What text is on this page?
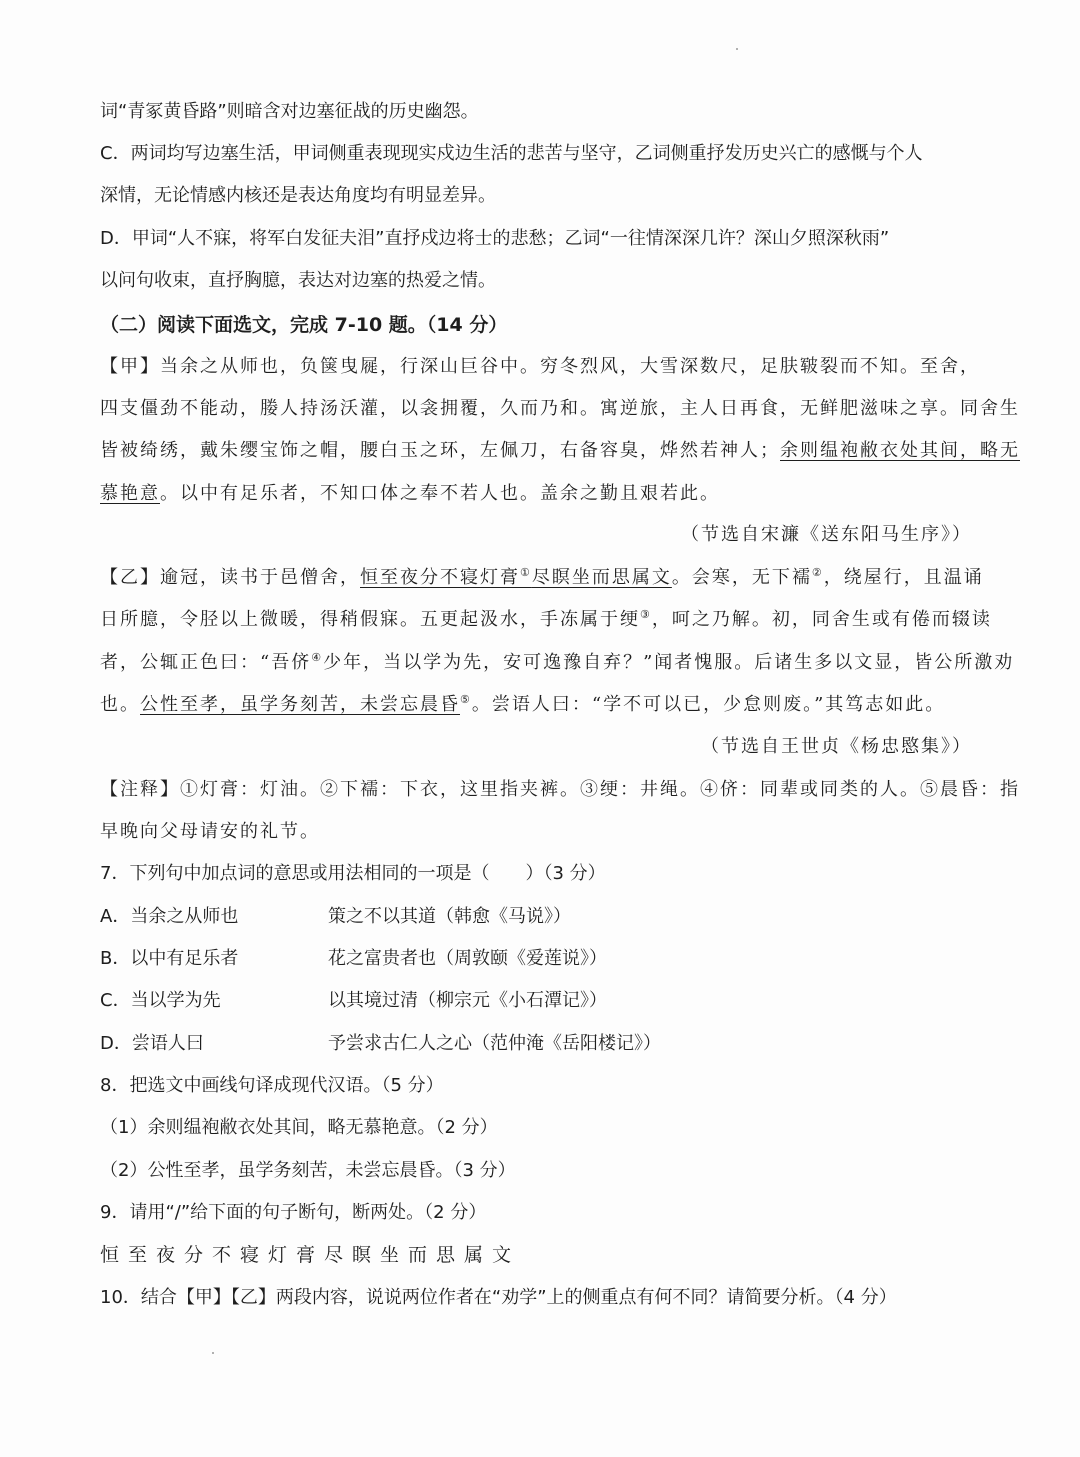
词“青冢黄昏路”则暗含对边塞征战的历史幽怨。
C．两词均写边塞生活，甲词侧重表现现实戍边生活的悲苦与坚守，乙词侧重抒发历史兴亡的感慨与个人
深情，无论情感内核还是表达角度均有明显差异。
D．甲词“人不寐，将军白发征夫泪”直抒戍边将士的悲愁；乙词“一往情深深几许？深山夕照深秋雨”
以问句收束，直抒胸臆，表达对边塞的热爱之情。
（二）阅读下面选文，完成 7-10 题。（14 分）
【甲】当余之从师也，负箧曳屣，行深山巨谷中。穷冬烈风，大雪深数尺，足肤皲裂而不知。至舍，
四支僵劲不能动，媵人持汤沃灌，以衾拥覆，久而乃和。寓逆旅，主人日再食，无鲜肥滋味之享。同舍生
皆被绮绣，戴朱缨宝饰之帽，腰白玉之环，左佩刀，右备容臭，烨然若神人；余则缊袍敝衣处其间，略无
慕艳意。以中有足乐者，不知口体之奉不若人也。盖余之勤且艰若此。
（节选自宋濂《送东阳马生序》）
【乙】逾冠，读书于邑僧舍，恒至夜分不寝灯膏①尽瞑坐而思属文。会寒，无下襦②，绕屋行，且温诵
日所臆，令胫以上微暖，得稍假寐。五更起汲水，手冻属于绠③，呵之乃解。初，同舍生或有倦而辍读
者，公辄正色曰：“吾侪④少年，当以学为先，安可逸豫自弃？”闻者愧服。后诸生多以文显，皆公所激劝
也。公性至孝，虽学务刻苦，未尝忘晨昏⑤。尝语人曰：“学不可以已，少怠则废。”其笃志如此。
（节选自王世贞《杨忠愍集》）
【注释】①灯膏：灯油。②下襦：下衣，这里指夹裤。③绠：井绳。④侪：同辈或同类的人。⑤晨昏：指
早晚向父母请安的礼节。
7．下列句中加点词的意思或用法相同的一项是（　　）（3 分）
A．当余之从师也	策之不以其道（韩愈《马说》）
B．以中有足乐者	花之富贵者也（周敦颐《爱莲说》）
C．当以学为先	以其境过清（柳宗元《小石潭记》）
D．尝语人曰	予尝求古仁人之心（范仲淹《岳阳楼记》）
8．把选文中画线句译成现代汉语。（5 分）
（1）余则缊袍敝衣处其间，略无慕艳意。（2 分）
（2）公性至孝，虽学务刻苦，未尝忘晨昏。（3 分）
9．请用“/”给下面的句子断句，断两处。（2 分）
恒至夜分不寝灯膏尽瞑坐而思属文
10．结合【甲】【乙】两段内容，说说两位作者在“劝学”上的侧重点有何不同？请简要分析。（4 分）
